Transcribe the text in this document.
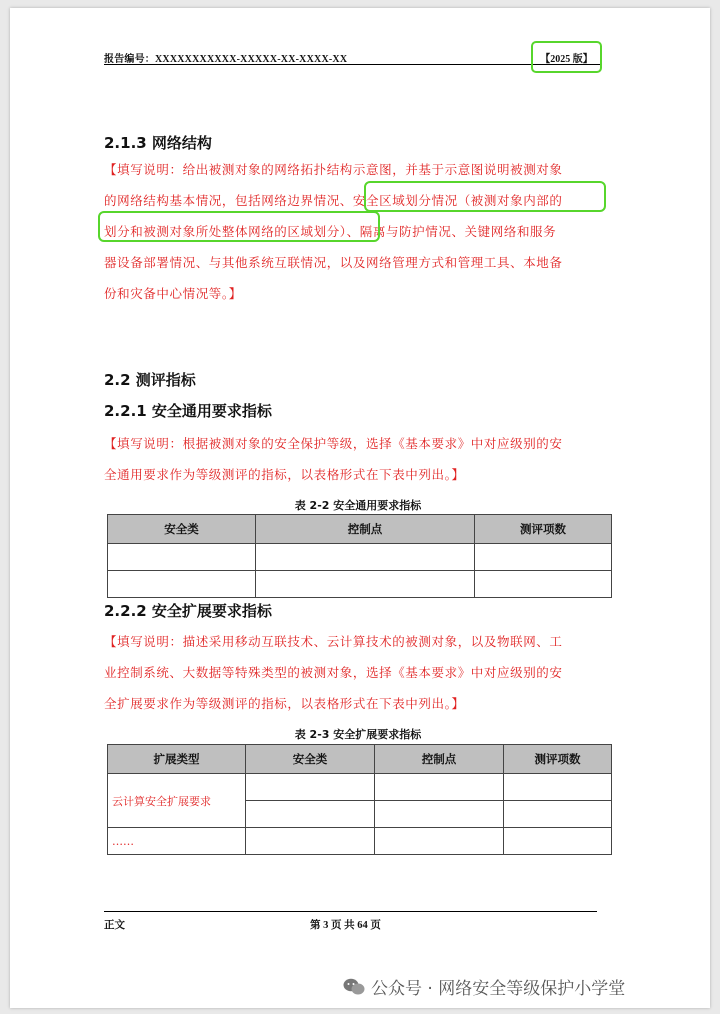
报告编号：XXXXXXXXXXX-XXXXX-XX-XXXX-XX	【2025 版】
2.1.3 网络结构

【填写说明：给出被测对象的网络拓扑结构示意图，并基于示意图说明被测对象

的网络结构基本情况，包括网络边界情况、安全区域划分情况（被测对象内部的

划分和被测对象所处整体网络的区域划分）、隔离与防护情况、关键网络和服务

器设备部署情况、与其他系统互联情况，以及网络管理方式和管理工具、本地备

份和灾备中心情况等。】

2.2 测评指标
2.2.1 安全通用要求指标

【填写说明：根据被测对象的安全保护等级，选择《基本要求》中对应级别的安

全通用要求作为等级测评的指标，以表格形式在下表中列出。】

表 2-2 安全通用要求指标
安全类	控制点	测评项数

2.2.2 安全扩展要求指标

【填写说明：描述采用移动互联技术、云计算技术的被测对象，以及物联网、工

业控制系统、大数据等特殊类型的被测对象，选择《基本要求》中对应级别的安

全扩展要求作为等级测评的指标，以表格形式在下表中列出。】

表 2-3 安全扩展要求指标
扩展类型	安全类	控制点	测评项数
云计算安全扩展要求			

……			
正文	第 3 页 共 64 页
公众号 · 网络安全等级保护小学堂
